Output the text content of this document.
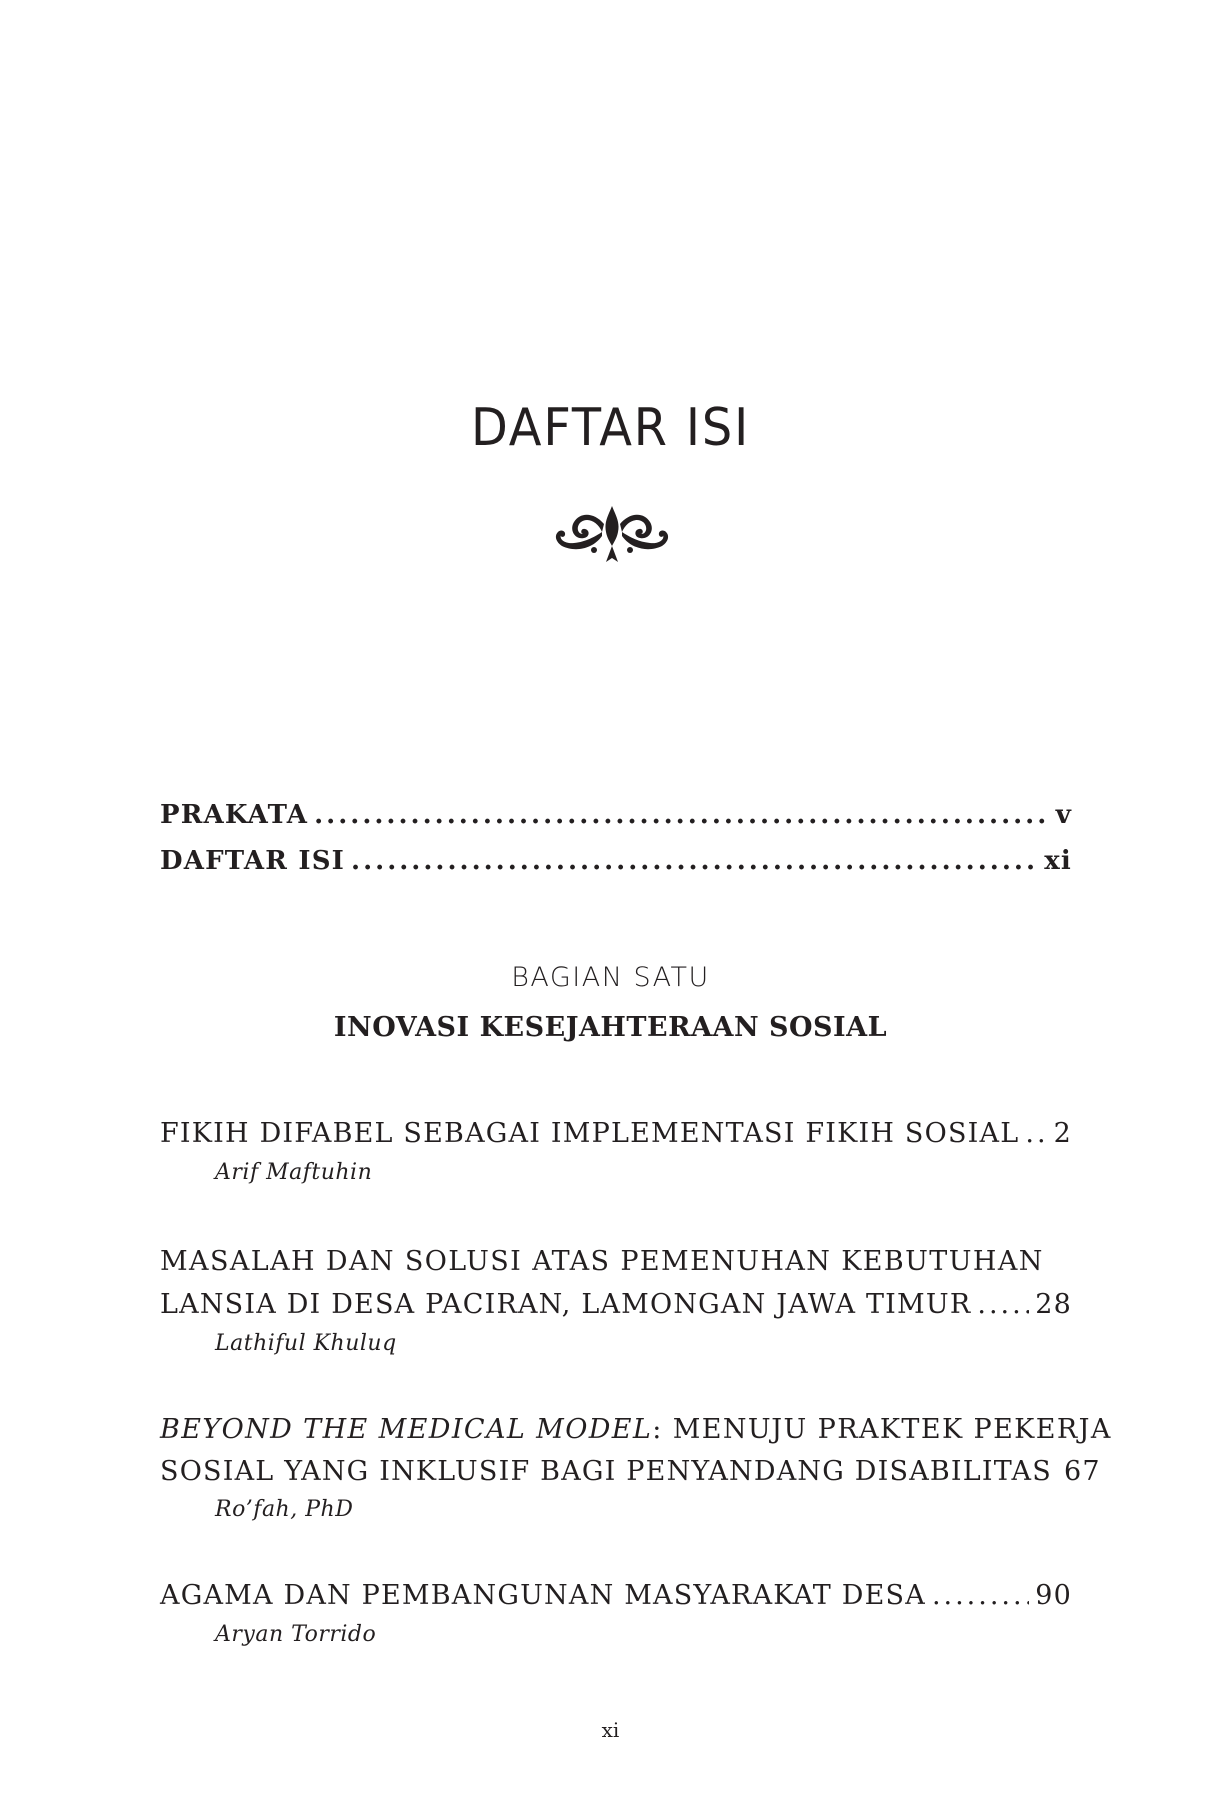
DAFTAR ISI
PRAKATA .....	v
DAFTAR ISI .....	xi
BAGIAN SATU
INOVASI KESEJAHTERAAN SOSIAL
FIKIH DIFABEL SEBAGAI IMPLEMENTASI FIKIH SOSIAL ..... 2
Arif Maftuhin
MASALAH DAN SOLUSI ATAS PEMENUHAN KEBUTUHAN
LANSIA DI DESA PACIRAN, LAMONGAN JAWA TIMUR ..... 28
Lathiful Khuluq
BEYOND THE MEDICAL MODEL: MENUJU PRAKTEK PEKERJA
SOSIAL YANG INKLUSIF BAGI PENYANDANG DISABILITAS 67
Ro’fah, PhD
AGAMA DAN PEMBANGUNAN MASYARAKAT DESA .....	90
Aryan Torrido
xi
